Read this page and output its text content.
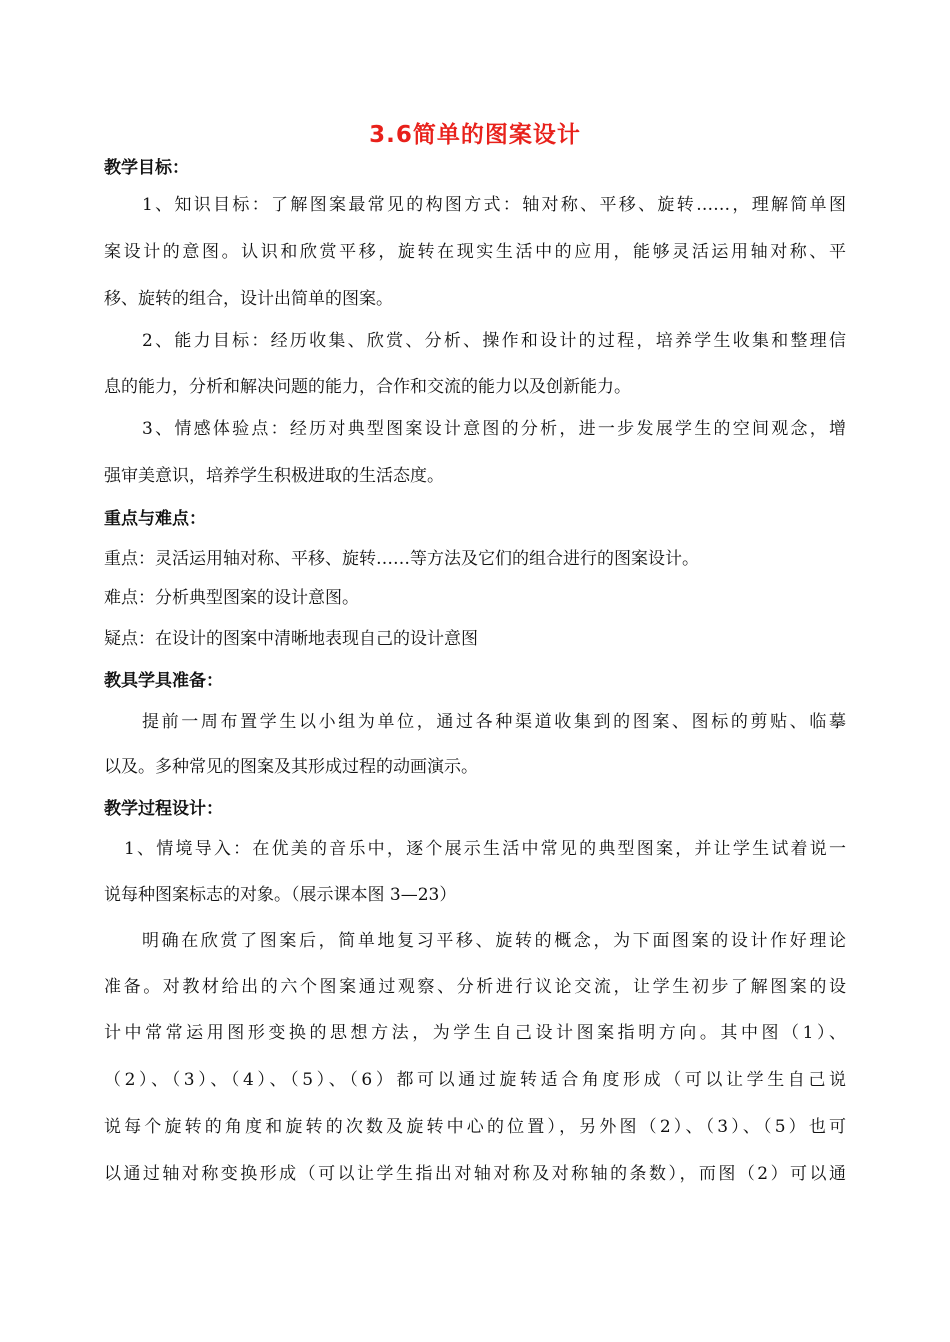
3.6简单的图案设计
教学目标：
1、知识目标：了解图案最常见的构图方式：轴对称、平移、旋转……，理解简单图
案设计的意图。认识和欣赏平移，旋转在现实生活中的应用，能够灵活运用轴对称、平
移、旋转的组合，设计出简单的图案。
2、能力目标：经历收集、欣赏、分析、操作和设计的过程，培养学生收集和整理信
息的能力，分析和解决问题的能力，合作和交流的能力以及创新能力。
3、情感体验点：经历对典型图案设计意图的分析，进一步发展学生的空间观念，增
强审美意识，培养学生积极进取的生活态度。
重点与难点：
重点：灵活运用轴对称、平移、旋转……等方法及它们的组合进行的图案设计。
难点：分析典型图案的设计意图。
疑点：在设计的图案中清晰地表现自己的设计意图
教具学具准备：
提前一周布置学生以小组为单位，通过各种渠道收集到的图案、图标的剪贴、临摹
以及。多种常见的图案及其形成过程的动画演示。
教学过程设计：
1、情境导入：在优美的音乐中，逐个展示生活中常见的典型图案，并让学生试着说一
说每种图案标志的对象。（展示课本图 3—23）
明确在欣赏了图案后，简单地复习平移、旋转的概念，为下面图案的设计作好理论
准备。对教材给出的六个图案通过观察、分析进行议论交流，让学生初步了解图案的设
计中常常运用图形变换的思想方法，为学生自己设计图案指明方向。其中图（1）、
（2）、（3）、（4）、（5）、（6）都可以通过旋转适合角度形成（可以让学生自己说
说每个旋转的角度和旋转的次数及旋转中心的位置），另外图（2）、（3）、（5）也可
以通过轴对称变换形成（可以让学生指出对轴对称及对称轴的条数），而图（2）可以通
